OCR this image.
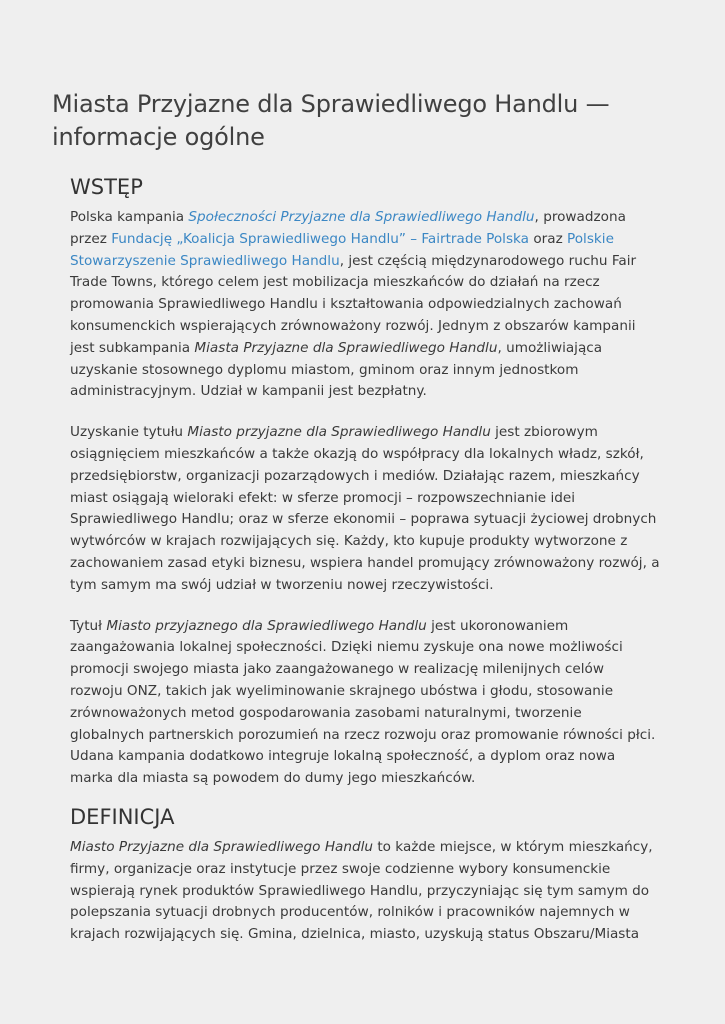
Miasta Przyjazne dla Sprawiedliwego Handlu — informacje ogólne
WSTĘP

Polska kampania Społeczności Przyjazne dla Sprawiedliwego Handlu, prowadzona przez Fundację „Koalicja Sprawiedliwego Handlu” – Fairtrade Polska oraz Polskie Stowarzyszenie Sprawiedliwego Handlu, jest częścią międzynarodowego ruchu Fair Trade Towns, którego celem jest mobilizacja mieszkańców do działań na rzecz promowania Sprawiedliwego Handlu i kształtowania odpowiedzialnych zachowań konsumenckich wspierających zrównoważony rozwój. Jednym z obszarów kampanii jest subkampania Miasta Przyjazne dla Sprawiedliwego Handlu, umożliwiająca uzyskanie stosownego dyplomu miastom, gminom oraz innym jednostkom administracyjnym. Udział w kampanii jest bezpłatny.

Uzyskanie tytułu Miasto przyjazne dla Sprawiedliwego Handlu jest zbiorowym osiągnięciem mieszkańców a także okazją do współpracy dla lokalnych władz, szkół, przedsiębiorstw, organizacji pozarządowych i mediów. Działając razem, mieszkańcy miast osiągają wieloraki efekt: w sferze promocji – rozpowszechnianie idei Sprawiedliwego Handlu; oraz w sferze ekonomii – poprawa sytuacji życiowej drobnych wytwórców w krajach rozwijających się. Każdy, kto kupuje produkty wytworzone z zachowaniem zasad etyki biznesu, wspiera handel promujący zrównoważony rozwój, a tym samym ma swój udział w tworzeniu nowej rzeczywistości.

Tytuł Miasto przyjaznego dla Sprawiedliwego Handlu jest ukoronowaniem zaangażowania lokalnej społeczności. Dzięki niemu zyskuje ona nowe możliwości promocji swojego miasta jako zaangażowanego w realizację milenijnych celów rozwoju ONZ, takich jak wyeliminowanie skrajnego ubóstwa i głodu, stosowanie zrównoważonych metod gospodarowania zasobami naturalnymi, tworzenie globalnych partnerskich porozumień na rzecz rozwoju oraz promowanie równości płci. Udana kampania dodatkowo integruje lokalną społeczność, a dyplom oraz nowa marka dla miasta są powodem do dumy jego mieszkańców.

DEFINICJA

Miasto Przyjazne dla Sprawiedliwego Handlu to każde miejsce, w którym mieszkańcy, firmy, organizacje oraz instytucje przez swoje codzienne wybory konsumenckie wspierają rynek produktów Sprawiedliwego Handlu, przyczyniając się tym samym do polepszania sytuacji drobnych producentów, rolników i pracowników najemnych w krajach rozwijających się. Gmina, dzielnica, miasto, uzyskują status Obszaru/Miasta
